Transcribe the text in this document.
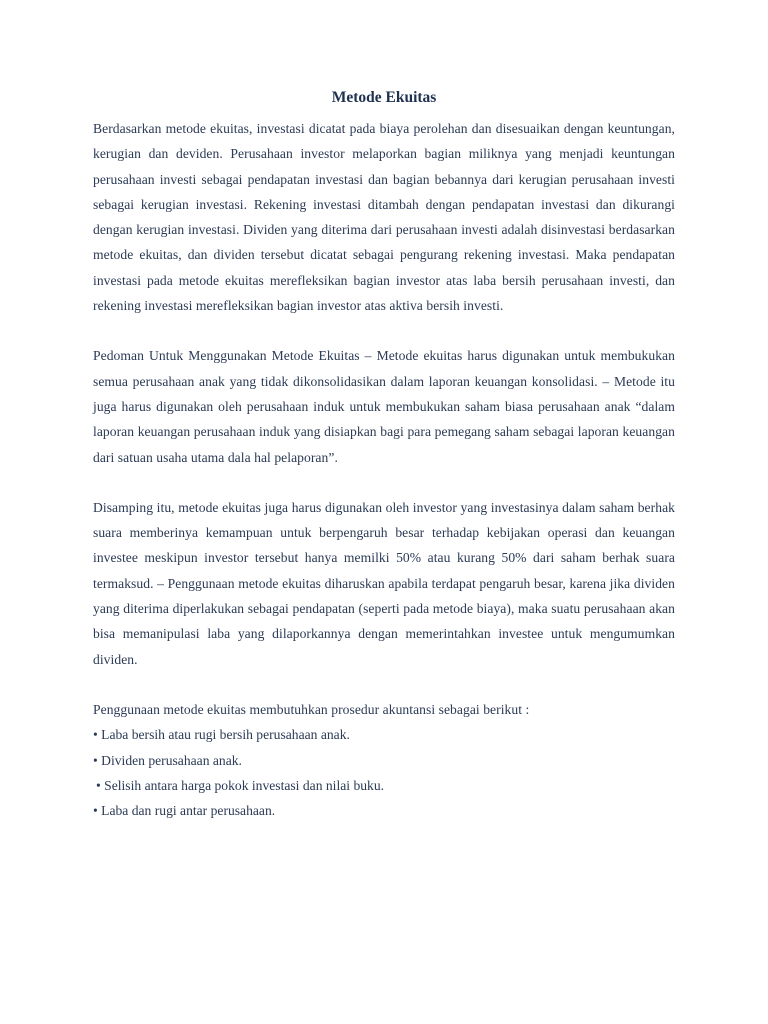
Metode Ekuitas

Berdasarkan metode ekuitas, investasi dicatat pada biaya perolehan dan disesuaikan dengan keuntungan, kerugian dan deviden. Perusahaan investor melaporkan bagian miliknya yang menjadi keuntungan perusahaan investi sebagai pendapatan investasi dan bagian bebannya dari kerugian perusahaan investi sebagai kerugian investasi. Rekening investasi ditambah dengan pendapatan investasi dan dikurangi dengan kerugian investasi. Dividen yang diterima dari perusahaan investi adalah disinvestasi berdasarkan metode ekuitas, dan dividen tersebut dicatat sebagai pengurang rekening investasi. Maka pendapatan investasi pada metode ekuitas merefleksikan bagian investor atas laba bersih perusahaan investi, dan rekening investasi merefleksikan bagian investor atas aktiva bersih investi.

Pedoman Untuk Menggunakan Metode Ekuitas – Metode ekuitas harus digunakan untuk membukukan semua perusahaan anak yang tidak dikonsolidasikan dalam laporan keuangan konsolidasi. – Metode itu juga harus digunakan oleh perusahaan induk untuk membukukan saham biasa perusahaan anak “dalam laporan keuangan perusahaan induk yang disiapkan bagi para pemegang saham sebagai laporan keuangan dari satuan usaha utama dala hal pelaporan”.

Disamping itu, metode ekuitas juga harus digunakan oleh investor yang investasinya dalam saham berhak suara memberinya kemampuan untuk berpengaruh besar terhadap kebijakan operasi dan keuangan investee meskipun investor tersebut hanya memilki 50% atau kurang 50% dari saham berhak suara termaksud. – Penggunaan metode ekuitas diharuskan apabila terdapat pengaruh besar, karena jika dividen yang diterima diperlakukan sebagai pendapatan (seperti pada metode biaya), maka suatu perusahaan akan bisa memanipulasi laba yang dilaporkannya dengan memerintahkan investee untuk mengumumkan dividen.

Penggunaan metode ekuitas membutuhkan prosedur akuntansi sebagai berikut :

• Laba bersih atau rugi bersih perusahaan anak.
• Dividen perusahaan anak.
• Selisih antara harga pokok investasi dan nilai buku.
• Laba dan rugi antar perusahaan.
